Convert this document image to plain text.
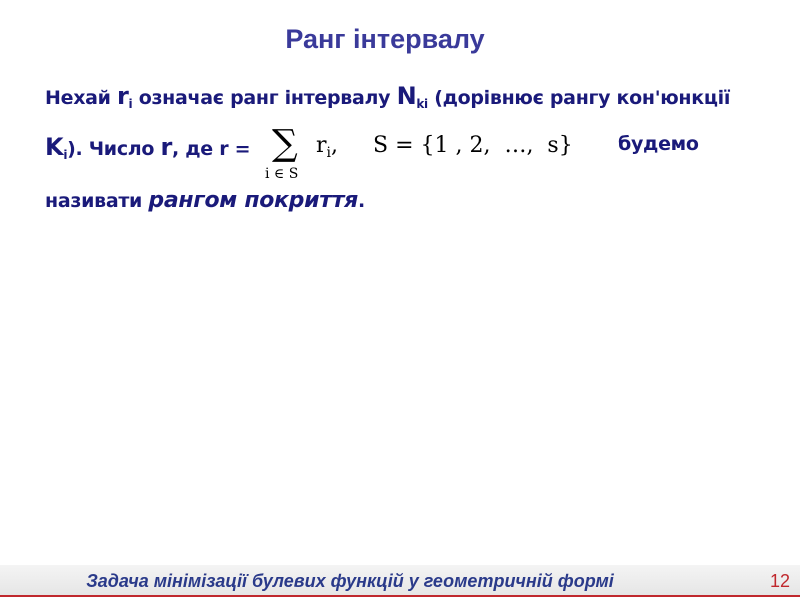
Ранг інтервалу
Нехай $r_i$ означає ранг інтервалу $N_{ki}$ (дорівнює рангу кон'юнкції
$K_i$). Число r, де r = ∑
i ∈ S
$r_i$, S = {1 , 2,  …,  s} будемо
називати рангом покриття.
Задача мінімізації булевих функцій у геометричній формі	12
